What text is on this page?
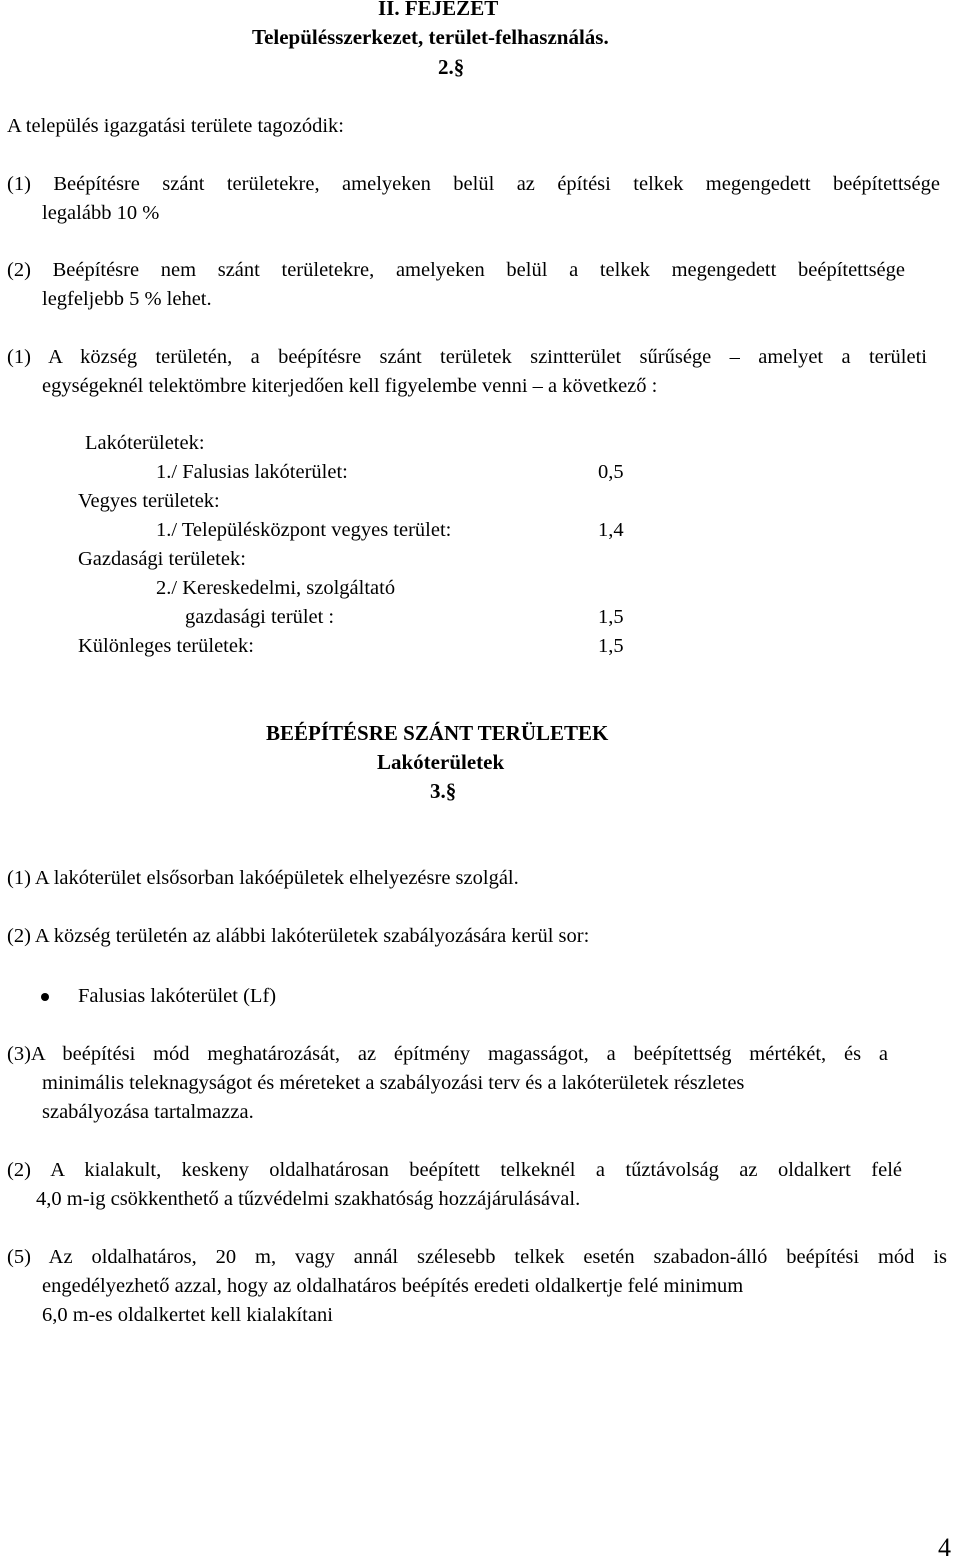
II. FEJEZET
Településszerkezet, terület-felhasználás.
2.§
A település igazgatási területe tagozódik:
(1) Beépítésre szánt területekre, amelyeken belül az építési telkek megengedett beépítettsége
legalább 10 %
(2) Beépítésre nem szánt területekre, amelyeken belül a telkek megengedett beépítettsége
legfeljebb 5 % lehet.
(1) A község területén, a beépítésre szánt területek szintterület sűrűsége – amelyet a területi
egységeknél telektömbre kiterjedően kell figyelembe venni – a következő :
Lakóterületek:
1./ Falusias lakóterület:	0,5
Vegyes területek:
1./ Településközpont vegyes terület:	1,4
Gazdasági területek:
2./ Kereskedelmi, szolgáltató
gazdasági terület :	1,5
Különleges területek:	1,5
BEÉPÍTÉSRE SZÁNT TERÜLETEK
Lakóterületek
3.§
(1) A lakóterület elsősorban lakóépületek elhelyezésre szolgál.
(2) A község területén az alábbi lakóterületek szabályozására kerül sor:
Falusias lakóterület (Lf)
(3)A beépítési mód meghatározását, az építmény magasságot, a beépítettség mértékét, és a
minimális teleknagyságot és méreteket a szabályozási terv és a lakóterületek részletes
szabályozása tartalmazza.
(2) A kialakult, keskeny oldalhatárosan beépített telkeknél a tűztávolság az oldalkert felé
4,0 m-ig csökkenthető a tűzvédelmi szakhatóság hozzájárulásával.
(5) Az oldalhatáros, 20 m, vagy annál szélesebb telkek esetén szabadon-álló beépítési mód is
engedélyezhető azzal, hogy az oldalhatáros beépítés eredeti oldalkertje felé minimum
6,0 m-es oldalkertet kell kialakítani
4
